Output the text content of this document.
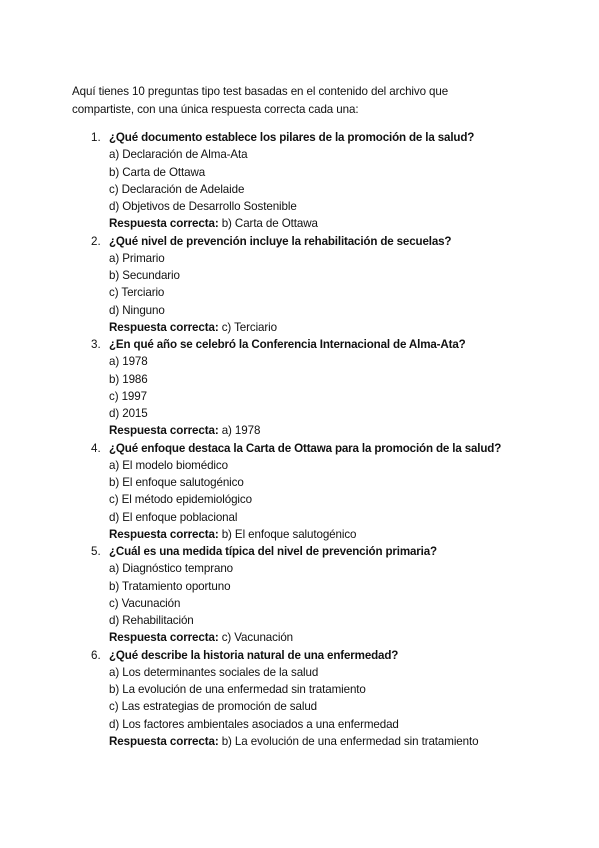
Aquí tienes 10 preguntas tipo test basadas en el contenido del archivo que compartiste, con una única respuesta correcta cada una:
1. ¿Qué documento establece los pilares de la promoción de la salud?
a) Declaración de Alma-Ata
b) Carta de Ottawa
c) Declaración de Adelaide
d) Objetivos de Desarrollo Sostenible
Respuesta correcta: b) Carta de Ottawa
2. ¿Qué nivel de prevención incluye la rehabilitación de secuelas?
a) Primario
b) Secundario
c) Terciario
d) Ninguno
Respuesta correcta: c) Terciario
3. ¿En qué año se celebró la Conferencia Internacional de Alma-Ata?
a) 1978
b) 1986
c) 1997
d) 2015
Respuesta correcta: a) 1978
4. ¿Qué enfoque destaca la Carta de Ottawa para la promoción de la salud?
a) El modelo biomédico
b) El enfoque salutogénico
c) El método epidemiológico
d) El enfoque poblacional
Respuesta correcta: b) El enfoque salutogénico
5. ¿Cuál es una medida típica del nivel de prevención primaria?
a) Diagnóstico temprano
b) Tratamiento oportuno
c) Vacunación
d) Rehabilitación
Respuesta correcta: c) Vacunación
6. ¿Qué describe la historia natural de una enfermedad?
a) Los determinantes sociales de la salud
b) La evolución de una enfermedad sin tratamiento
c) Las estrategias de promoción de salud
d) Los factores ambientales asociados a una enfermedad
Respuesta correcta: b) La evolución de una enfermedad sin tratamiento
